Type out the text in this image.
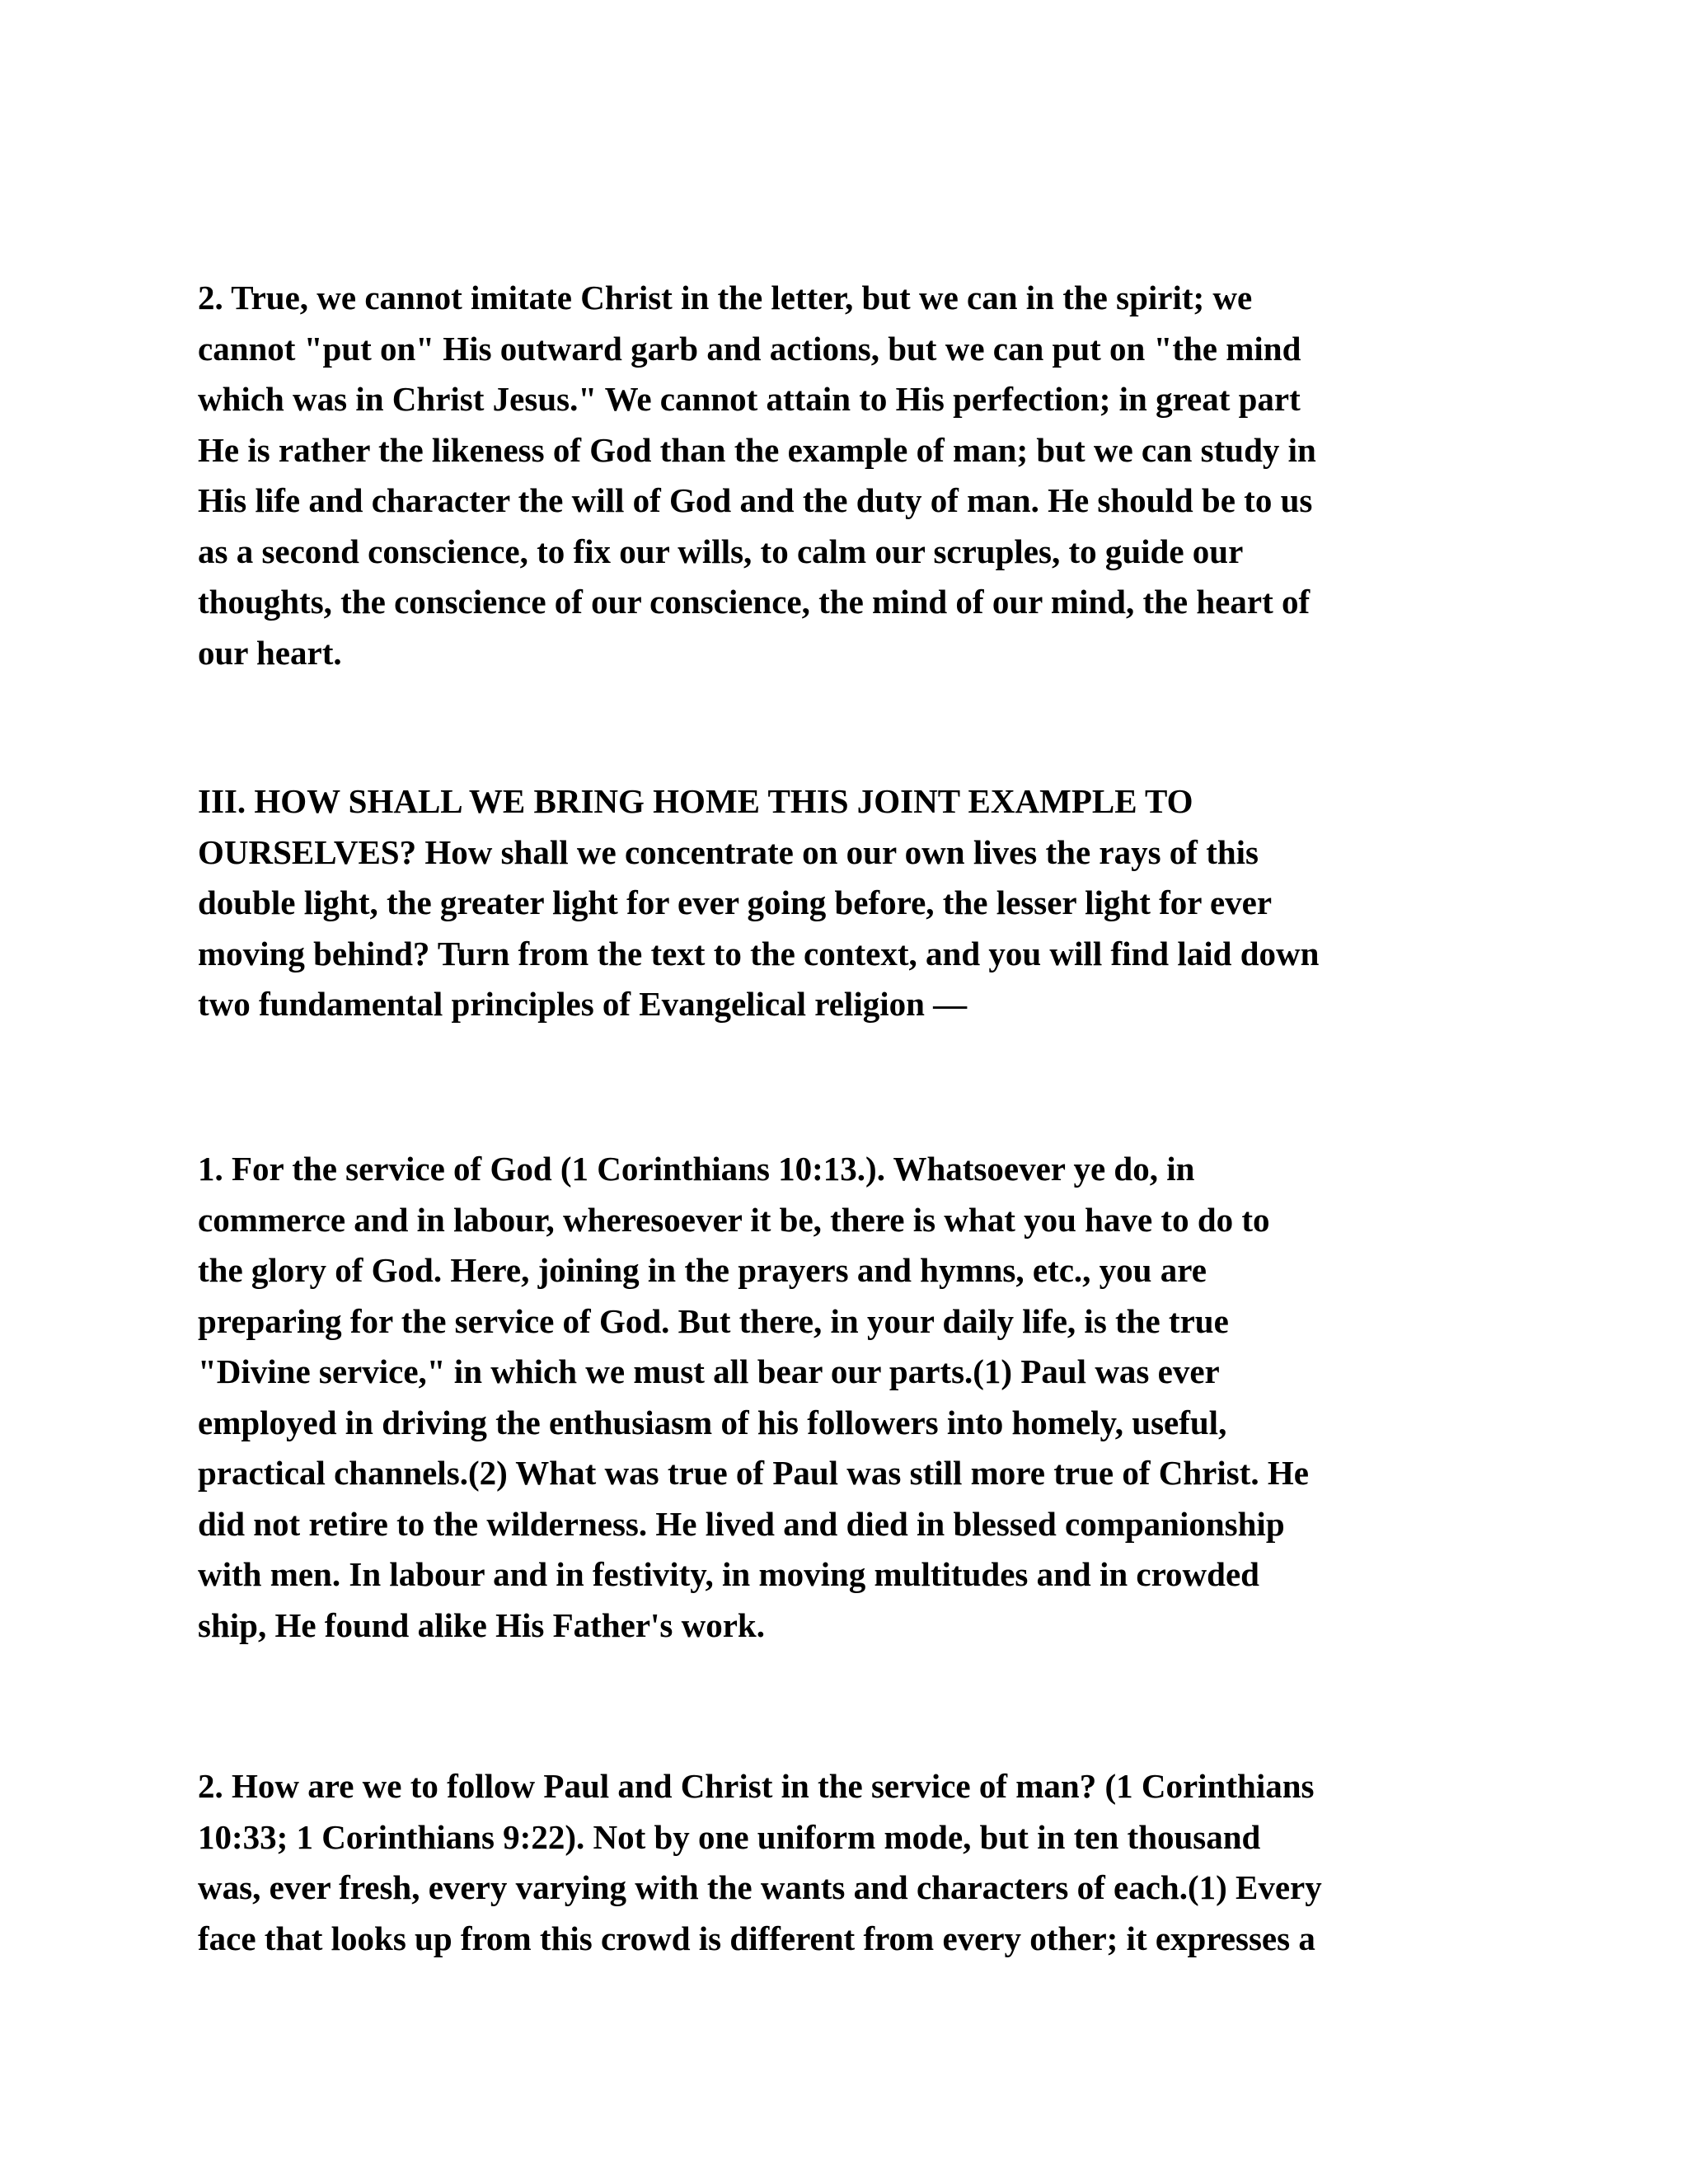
2. True, we cannot imitate Christ in the letter, but we can in the spirit; we
cannot "put on" His outward garb and actions, but we can put on "the mind
which was in Christ Jesus." We cannot attain to His perfection; in great part
He is rather the likeness of God than the example of man; but we can study in
His life and character the will of God and the duty of man. He should be to us
as a second conscience, to fix our wills, to calm our scruples, to guide our
thoughts, the conscience of our conscience, the mind of our mind, the heart of
our heart.
III. HOW SHALL WE BRING HOME THIS JOINT EXAMPLE TO
OURSELVES? How shall we concentrate on our own lives the rays of this
double light, the greater light for ever going before, the lesser light for ever
moving behind? Turn from the text to the context, and you will find laid down
two fundamental principles of Evangelical religion —
1. For the service of God (1 Corinthians 10:13.). Whatsoever ye do, in
commerce and in labour, wheresoever it be, there is what you have to do to
the glory of God. Here, joining in the prayers and hymns, etc., you are
preparing for the service of God. But there, in your daily life, is the true
"Divine service," in which we must all bear our parts.(1) Paul was ever
employed in driving the enthusiasm of his followers into homely, useful,
practical channels.(2) What was true of Paul was still more true of Christ. He
did not retire to the wilderness. He lived and died in blessed companionship
with men. In labour and in festivity, in moving multitudes and in crowded
ship, He found alike His Father's work.
2. How are we to follow Paul and Christ in the service of man? (1 Corinthians
10:33; 1 Corinthians 9:22). Not by one uniform mode, but in ten thousand
was, ever fresh, every varying with the wants and characters of each.(1) Every
face that looks up from this crowd is different from every other; it expresses a
